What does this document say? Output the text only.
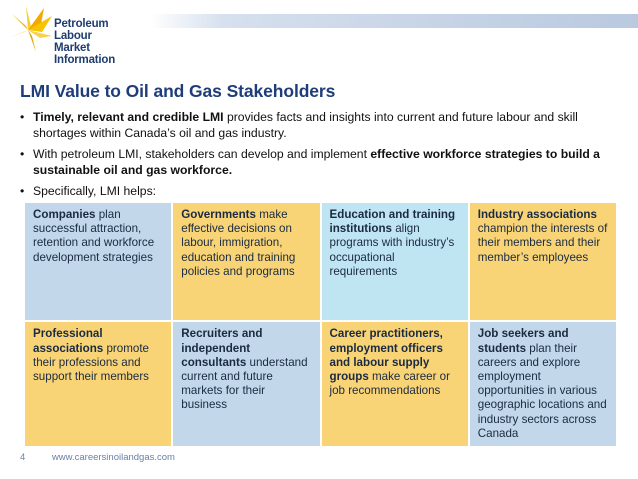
Petroleum Labour
Market Information
LMI Value to Oil and Gas Stakeholders
• Timely, relevant and credible LMI provides facts and insights into current and future labour and skill shortages within Canada’s oil and gas industry.
• With petroleum LMI, stakeholders can develop and implement effective workforce strategies to build a sustainable oil and gas workforce.
• Specifically, LMI helps:
Companies plan successful attraction, retention and workforce development strategies
Governments make effective decisions on labour, immigration, education and training policies and programs
Education and training institutions align programs with industry’s occupational requirements
Industry associations champion the interests of their members and their member’s employees
Professional associations promote their professions and support their members
Recruiters and independent consultants understand current and future markets for their business
Career practitioners, employment officers and labour supply groups make career or job recommendations
Job seekers and students plan their careers and explore employment opportunities in various geographic locations and industry sectors across Canada
4	www.careersinoilandgas.com
